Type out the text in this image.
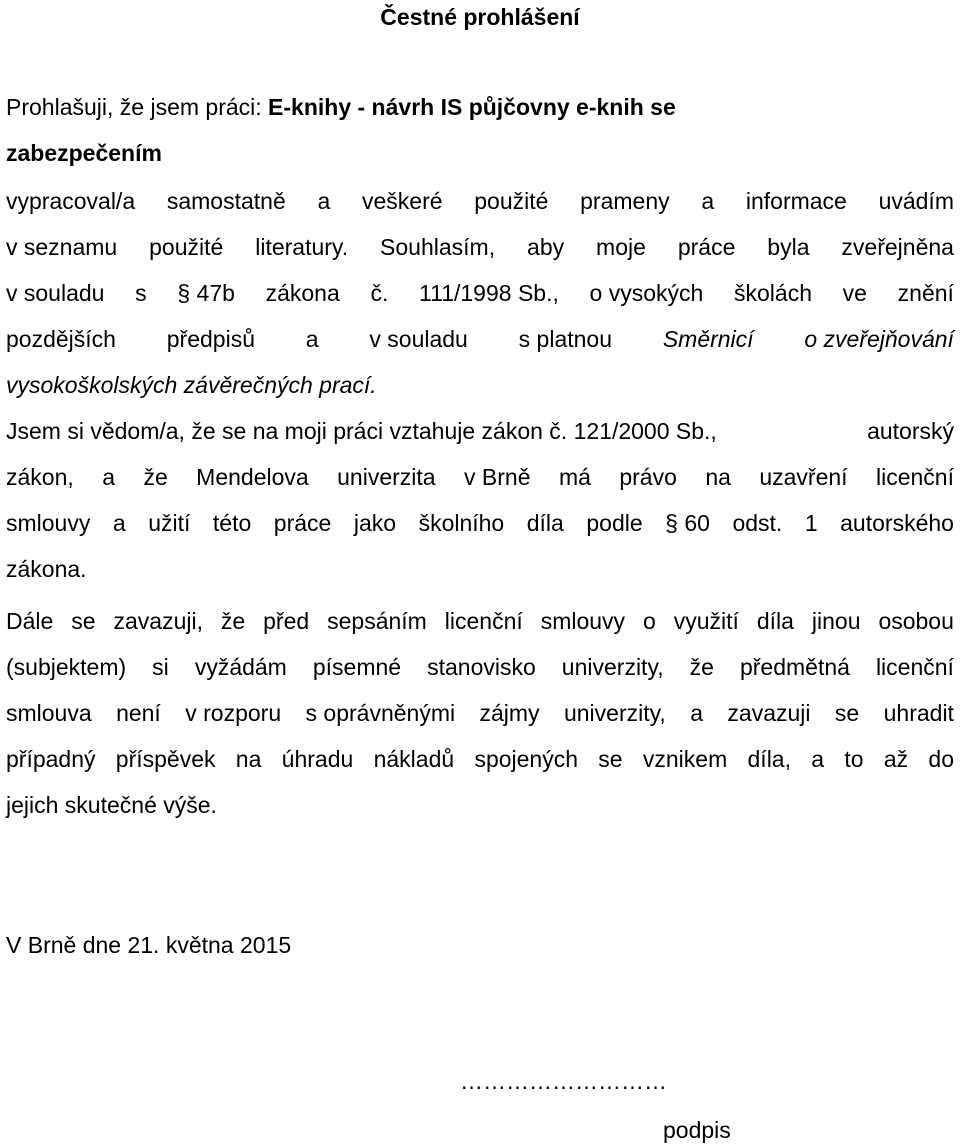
Čestné prohlášení
Prohlašuji, že jsem práci: E-knihy - návrh IS půjčovny e-knih se
zabezpečením
vypracoval/a samostatně a veškeré použité prameny a informace uvádím
v seznamu použité literatury. Souhlasím, aby moje práce byla zveřejněna
v souladu s § 47b zákona č. 111/1998 Sb., o vysokých školách ve znění
pozdějších předpisů a v souladu s platnou Směrnicí o zveřejňování
vysokoškolských závěrečných prací.
Jsem si vědom/a, že se na moji práci vztahuje zákon č. 121/2000 Sb.,	autorský
zákon, a že Mendelova univerzita v Brně má právo na uzavření licenční
smlouvy a užití této práce jako školního díla podle § 60 odst. 1 autorského
zákona.
Dále se zavazuji, že před sepsáním licenční smlouvy o využití díla jinou osobou
(subjektem) si vyžádám písemné stanovisko univerzity, že předmětná licenční
smlouva není v rozporu s oprávněnými zájmy univerzity, a zavazuji se uhradit
případný příspěvek na úhradu nákladů spojených se vznikem díla, a to až do
jejich skutečné výše.

V Brně dne 21. května 2015

………………………

podpis
